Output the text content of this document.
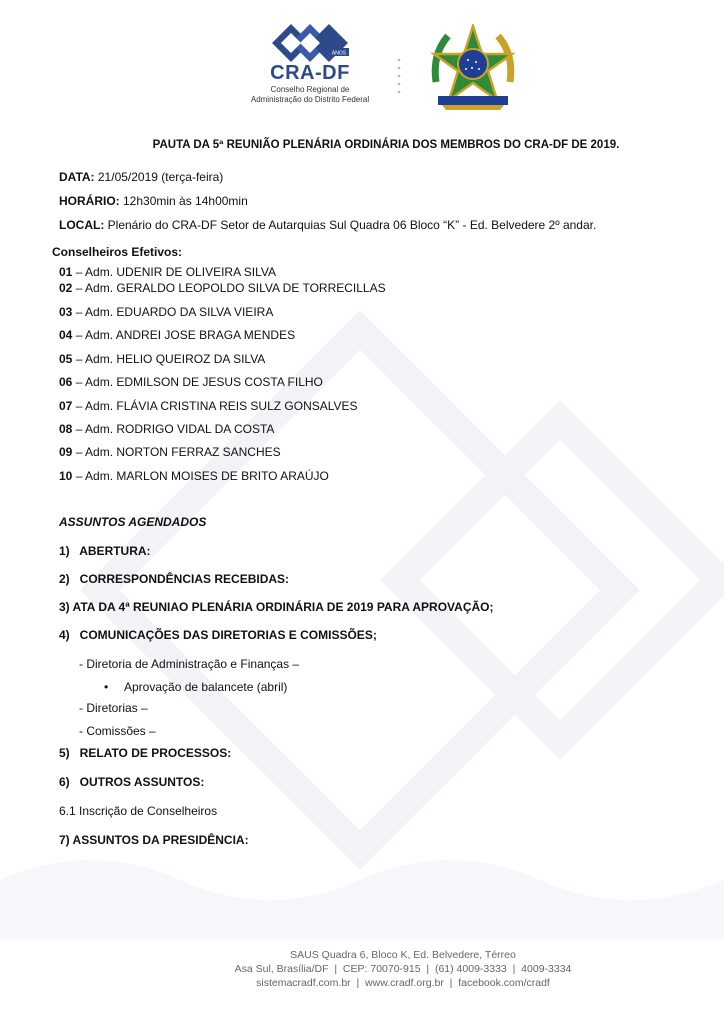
ANOS
CRA-DF
Conselho Regional de
Administração do Distrito Federal
PAUTA DA 5ª REUNIÃO PLENÁRIA ORDINÁRIA DOS MEMBROS DO CRA-DF DE 2019.
DATA: 21/05/2019 (terça-feira)
HORÁRIO: 12h30min às 14h00min
LOCAL: Plenário do CRA-DF Setor de Autarquias Sul Quadra 06 Bloco “K” - Ed. Belvedere 2º andar.
Conselheiros Efetivos:
01 – Adm. UDENIR DE OLIVEIRA SILVA
02 – Adm. GERALDO LEOPOLDO SILVA DE TORRECILLAS
03 – Adm. EDUARDO DA SILVA VIEIRA
04 – Adm. ANDREI JOSE BRAGA MENDES
05 – Adm. HELIO QUEIROZ DA SILVA
06 – Adm. EDMILSON DE JESUS COSTA FILHO
07 – Adm. FLÁVIA CRISTINA REIS SULZ GONSALVES
08 – Adm. RODRIGO VIDAL DA COSTA
09 – Adm. NORTON FERRAZ SANCHES
10 – Adm. MARLON MOISES DE BRITO ARAÚJO
ASSUNTOS AGENDADOS
1)   ABERTURA:
2)   CORRESPONDÊNCIAS RECEBIDAS:
3) ATA DA 4ª REUNIAO PLENÁRIA ORDINÁRIA DE 2019 PARA APROVAÇÃO;
4)   COMUNICAÇÕES DAS DIRETORIAS E COMISSÕES;
- Diretoria de Administração e Finanças –
• Aprovação de balancete (abril)
- Diretorias –
- Comissões –
5)   RELATO DE PROCESSOS:
6)   OUTROS ASSUNTOS:
6.1 Inscrição de Conselheiros
7) ASSUNTOS DA PRESIDÊNCIA:
SAUS Quadra 6, Bloco K, Ed. Belvedere, Térreo
Asa Sul, Brasília/DF  |  CEP: 70070-915  |  (61) 4009-3333  |  4009-3334
sistemacradf.com.br  |  www.cradf.org.br  |  facebook.com/cradf
